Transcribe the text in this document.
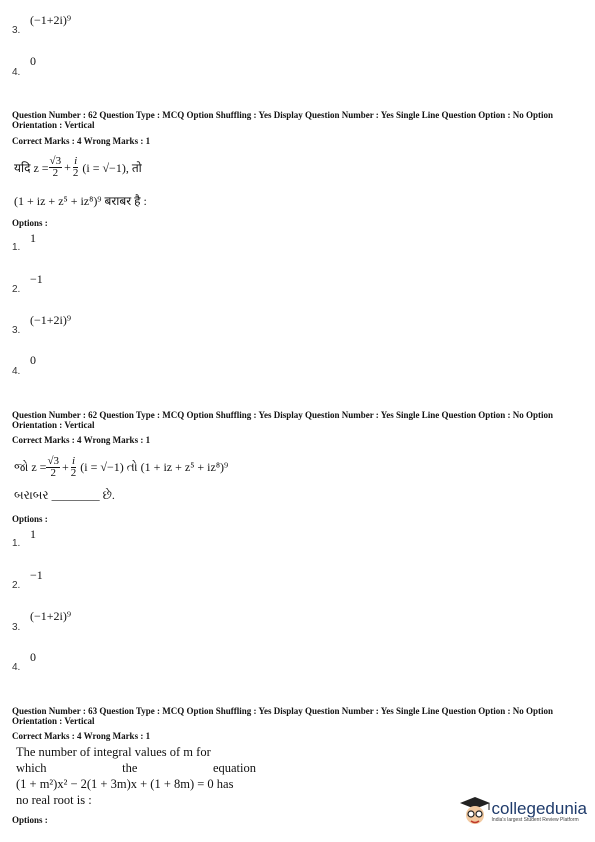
3.
(−1+2i)⁹
4.
0
Question Number : 62 Question Type : MCQ Option Shuffling : Yes Display Question Number : Yes Single Line Question Option : No Option Orientation : Vertical
Correct Marks : 4 Wrong Marks : 1
यदि $z = \frac{√3}{2} + \frac{i}{2} (i = √-1)$, तो
(1 + iz + z⁵ + iz⁸)⁹ बराबर है :
Options :
1.
1
2.
−1
3.
(−1+2i)⁹
4.
0
Question Number : 62 Question Type : MCQ Option Shuffling : Yes Display Question Number : Yes Single Line Question Option : No Option Orientation : Vertical
Correct Marks : 4 Wrong Marks : 1
જો $z = \frac{√3}{2} + \frac{i}{2} (i = √-1)$ તો (1 + iz + z⁵ + iz⁸)⁹
બરાબર ________ છે.
Options :
1.
1
2.
−1
3.
(−1+2i)⁹
4.
0
Question Number : 63 Question Type : MCQ Option Shuffling : Yes Display Question Number : Yes Single Line Question Option : No Option Orientation : Vertical
Correct Marks : 4 Wrong Marks : 1
The number of integral values of m for
which	the	equation
(1 + m²)x² − 2(1 + 3m)x + (1 + 8m) = 0 has
no real root is :
Options :
collegedunia
India's largest Student Review Platform
